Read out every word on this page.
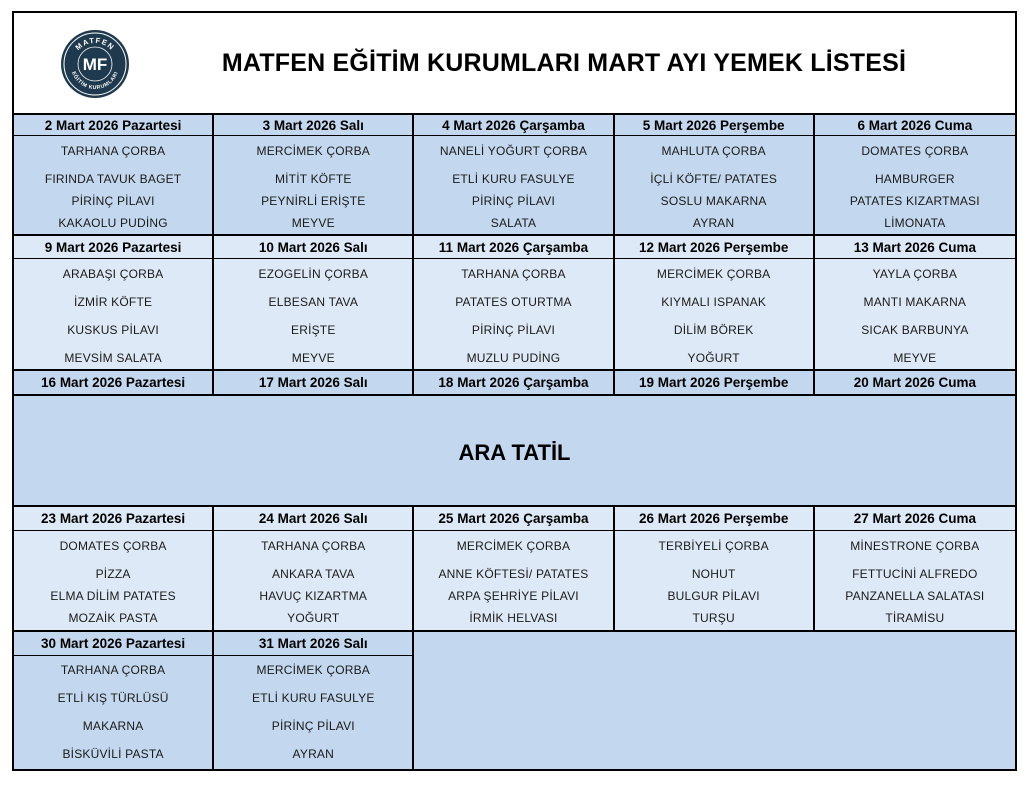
MATFEN
EĞİTİM KURUMLARI
MF	MATFEN EĞİTİM KURUMLARI MART AYI YEMEK LİSTESİ
2 Mart 2026 Pazartesi
TARHANA ÇORBA
FIRINDA TAVUK BAGET
PİRİNÇ PİLAVI
KAKAOLU PUDİNG
3 Mart 2026 Salı
MERCİMEK ÇORBA
MİTİT KÖFTE
PEYNİRLİ ERİŞTE
MEYVE
4 Mart 2026 Çarşamba
NANELİ YOĞURT ÇORBA
ETLİ KURU FASULYE
PİRİNÇ PİLAVI
SALATA
5 Mart 2026 Perşembe
MAHLUTA ÇORBA
İÇLİ KÖFTE/ PATATES
SOSLU MAKARNA
AYRAN
6 Mart 2026 Cuma
DOMATES ÇORBA
HAMBURGER
PATATES KIZARTMASI
LİMONATA
9 Mart 2026 Pazartesi
ARABAŞI ÇORBA
İZMİR KÖFTE
KUSKUS PİLAVI
MEVSİM SALATA
10 Mart 2026 Salı
EZOGELİN ÇORBA
ELBESAN TAVA
ERİŞTE
MEYVE
11 Mart 2026 Çarşamba
TARHANA ÇORBA
PATATES OTURTMA
PİRİNÇ PİLAVI
MUZLU PUDİNG
12 Mart 2026 Perşembe
MERCİMEK ÇORBA
KIYMALI ISPANAK
DİLİM BÖREK
YOĞURT
13 Mart 2026 Cuma
YAYLA ÇORBA
MANTI MAKARNA
SICAK BARBUNYA
MEYVE
16 Mart 2026 Pazartesi	17 Mart 2026 Salı	18 Mart 2026 Çarşamba	19 Mart 2026 Perşembe	20 Mart 2026 Cuma
ARA TATİL
23 Mart 2026 Pazartesi
DOMATES ÇORBA
PİZZA
ELMA DİLİM PATATES
MOZAİK PASTA
24 Mart 2026 Salı
TARHANA ÇORBA
ANKARA TAVA
HAVUÇ KIZARTMA
YOĞURT
25 Mart 2026 Çarşamba
MERCİMEK ÇORBA
ANNE KÖFTESİ/ PATATES
ARPA ŞEHRİYE PİLAVI
İRMİK HELVASI
26 Mart 2026 Perşembe
TERBİYELİ ÇORBA
NOHUT
BULGUR PİLAVI
TURŞU
27 Mart 2026 Cuma
MİNESTRONE ÇORBA
FETTUCİNİ ALFREDO
PANZANELLA SALATASI
TİRAMİSU
30 Mart 2026 Pazartesi
TARHANA ÇORBA
ETLİ KIŞ TÜRLÜSÜ
MAKARNA
BİSKÜVİLİ PASTA
31 Mart 2026 Salı
MERCİMEK ÇORBA
ETLİ KURU FASULYE
PİRİNÇ PİLAVI
AYRAN
